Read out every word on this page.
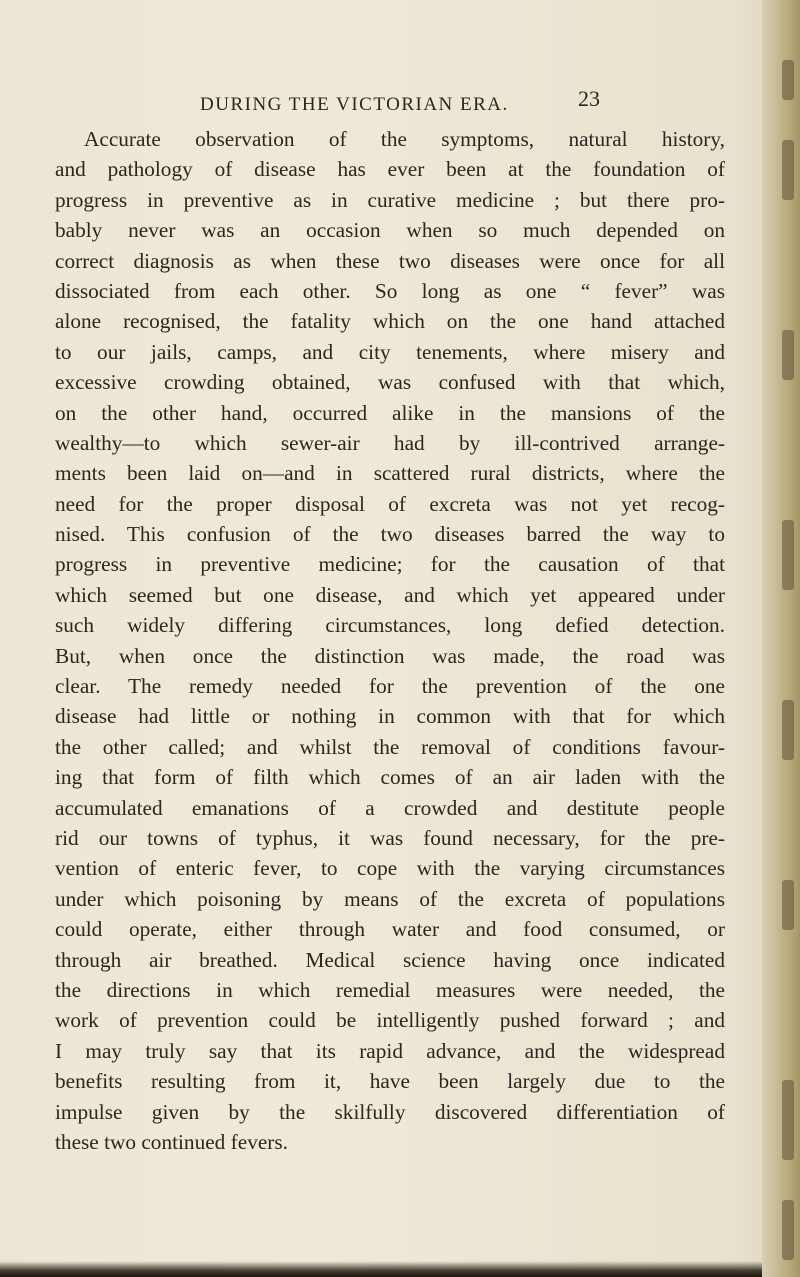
DURING THE VICTORIAN ERA.	23
Accurate observation of the symptoms, natural history,
and pathology of disease has ever been at the foundation of
progress in preventive as in curative medicine ; but there pro-
bably never was an occasion when so much depended on
correct diagnosis as when these two diseases were once for all
dissociated from each other. So long as one “ fever” was
alone recognised, the fatality which on the one hand attached
to our jails, camps, and city tenements, where misery and
excessive crowding obtained, was confused with that which,
on the other hand, occurred alike in the mansions of the
wealthy—to which sewer-air had by ill-contrived arrange-
ments been laid on—and in scattered rural districts, where the
need for the proper disposal of excreta was not yet recog-
nised. This confusion of the two diseases barred the way to
progress in preventive medicine; for the causation of that
which seemed but one disease, and which yet appeared under
such widely differing circumstances, long defied detection.
But, when once the distinction was made, the road was
clear. The remedy needed for the prevention of the one
disease had little or nothing in common with that for which
the other called; and whilst the removal of conditions favour-
ing that form of filth which comes of an air laden with the
accumulated emanations of a crowded and destitute people
rid our towns of typhus, it was found necessary, for the pre-
vention of enteric fever, to cope with the varying circumstances
under which poisoning by means of the excreta of populations
could operate, either through water and food consumed, or
through air breathed. Medical science having once indicated
the directions in which remedial measures were needed, the
work of prevention could be intelligently pushed forward ; and
I may truly say that its rapid advance, and the widespread
benefits resulting from it, have been largely due to the
impulse given by the skilfully discovered differentiation of
these two continued fevers.
